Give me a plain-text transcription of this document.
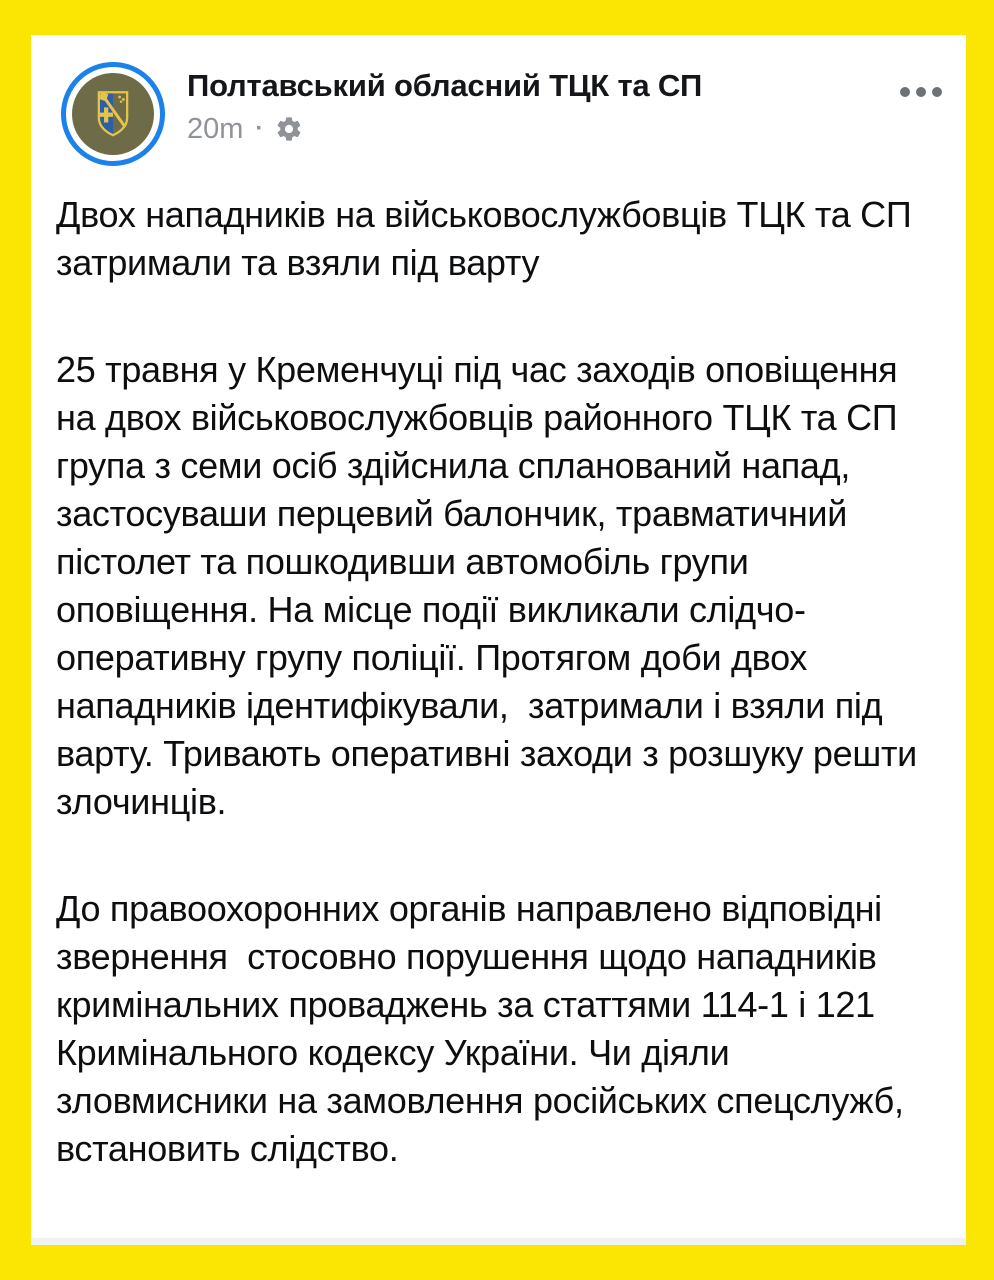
Полтавський обласний ТЦК та СП
20m ·

Двох нападників на військовослужбовців ТЦК та СП затримали та взяли під варту

25 травня у Кременчуці під час заходів оповіщення на двох військовослужбовців районного ТЦК та СП група з семи осіб здійснила спланований напад, застосуваши перцевий балончик, травматичний пістолет та пошкодивши автомобіль групи оповіщення. На місце події викликали слідчо-оперативну групу поліції. Протягом доби двох нападників ідентифікували,  затримали і взяли під варту. Тривають оперативні заходи з розшуку решти злочинців.

До правоохоронних органів направлено відповідні звернення  стосовно порушення щодо нападників кримінальних проваджень за статтями 114-1 і 121 Кримінального кодексу України. Чи діяли зловмисники на замовлення російських спецслужб, встановить слідство.
